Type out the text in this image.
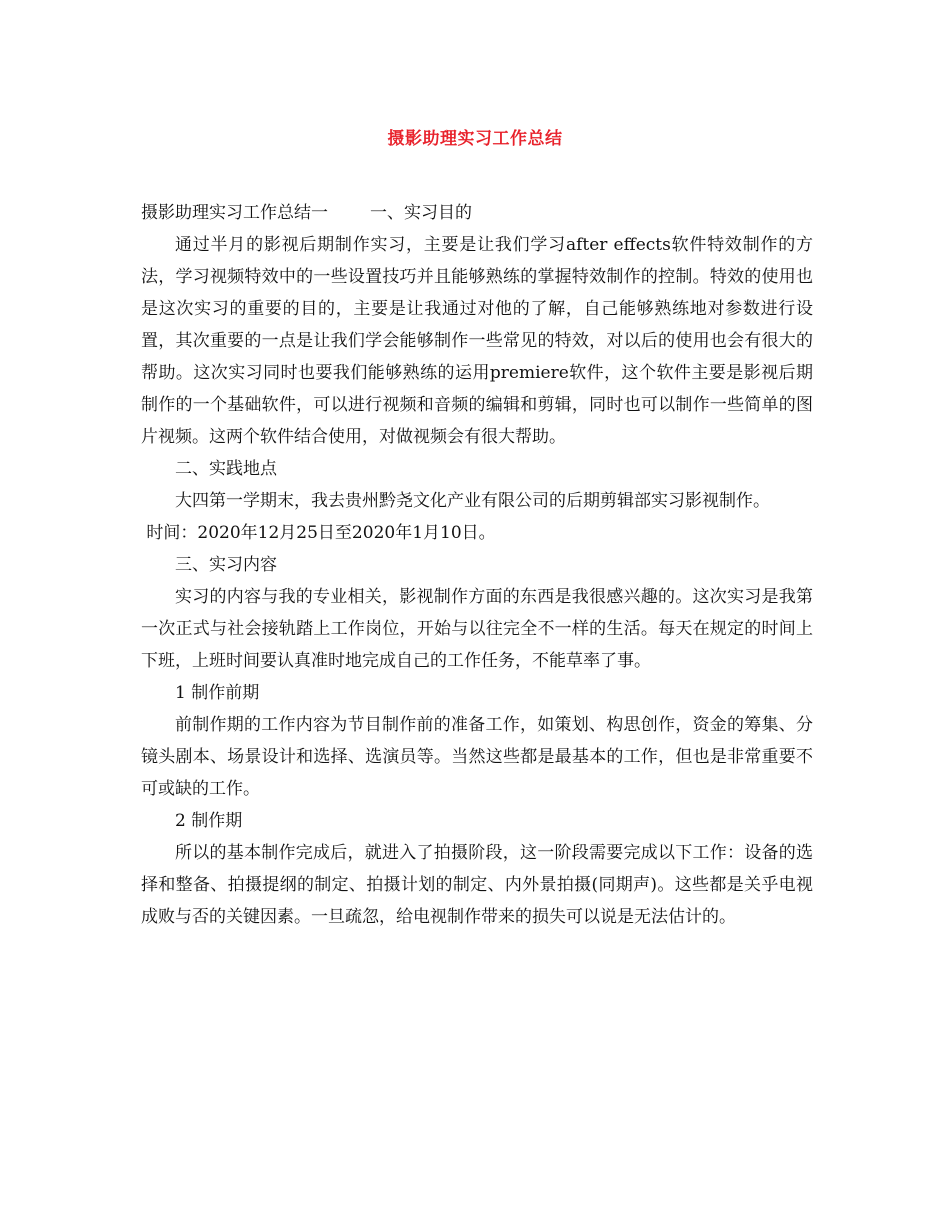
摄影助理实习工作总结

摄影助理实习工作总结一 一、实习目的

通过半月的影视后期制作实习，主要是让我们学习after effects软件特效制作的方法，学习视频特效中的一些设置技巧并且能够熟练的掌握特效制作的控制。特效的使用也是这次实习的重要的目的，主要是让我通过对他的了解，自己能够熟练地对参数进行设置，其次重要的一点是让我们学会能够制作一些常见的特效，对以后的使用也会有很大的帮助。这次实习同时也要我们能够熟练的运用premiere软件，这个软件主要是影视后期制作的一个基础软件，可以进行视频和音频的编辑和剪辑，同时也可以制作一些简单的图片视频。这两个软件结合使用，对做视频会有很大帮助。

二、实践地点

大四第一学期末，我去贵州黔尧文化产业有限公司的后期剪辑部实习影视制作。

时间：2020年12月25日至2020年1月10日。

三、实习内容

实习的内容与我的专业相关，影视制作方面的东西是我很感兴趣的。这次实习是我第一次正式与社会接轨踏上工作岗位，开始与以往完全不一样的生活。每天在规定的时间上下班，上班时间要认真准时地完成自己的工作任务，不能草率了事。

1 制作前期

前制作期的工作内容为节目制作前的准备工作，如策划、构思创作，资金的筹集、分镜头剧本、场景设计和选择、选演员等。当然这些都是最基本的工作，但也是非常重要不可或缺的工作。

2 制作期

所以的基本制作完成后，就进入了拍摄阶段，这一阶段需要完成以下工作：设备的选择和整备、拍摄提纲的制定、拍摄计划的制定、内外景拍摄(同期声)。这些都是关乎电视成败与否的关键因素。一旦疏忽，给电视制作带来的损失可以说是无法估计的。
